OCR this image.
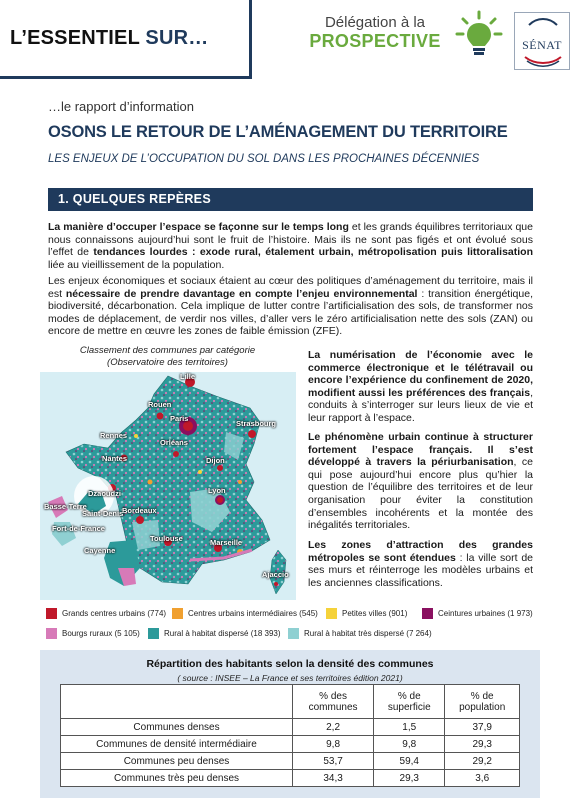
L’ESSENTIEL SUR…
Délégation à la
PROSPECTIVE	SÉNAT
…le rapport d’information
OSONS LE RETOUR DE L’AMÉNAGEMENT DU TERRITOIRE
LES ENJEUX DE L’OCCUPATION DU SOL DANS LES PROCHAINES DÉCENNIES
1. QUELQUES REPÈRES
La manière d’occuper l’espace se façonne sur le temps long et les grands équilibres territoriaux que nous connaissons aujourd’hui sont le fruit de l’histoire. Mais ils ne sont pas figés et ont évolué sous l’effet de tendances lourdes : exode rural, étalement urbain, métropolisation puis littoralisation liée au vieillissement de la population.
Les enjeux économiques et sociaux étaient au cœur des politiques d’aménagement du territoire, mais il est nécessaire de prendre davantage en compte l’enjeu environnemental : transition énergétique, biodiversité, décarbonation. Cela implique de lutter contre l’artificialisation des sols, de transformer nos modes de déplacement, de verdir nos villes, d’aller vers le zéro artificialisation nette des sols (ZAN) ou encore de mettre en œuvre les zones de faible émission (ZFE).
Classement des communes par catégorie
(Observatoire des territoires)
Lille
Rouen
Paris
Strasbourg
Rennes
Orléans
Nantes	Dijon
Lyon
Dzaoudzi
Bordeaux
Basse-Terre
Saint-Denis
Fort-de-France
Toulouse	Marseille
Cayenne
Ajaccio
La numérisation de l’économie avec le commerce électronique et le télétravail ou encore l’expérience du confinement de 2020, modifient aussi les préférences des français, conduits à s’interroger sur leurs lieux de vie et leur rapport à l’espace.
Le phénomène urbain continue à structurer fortement l’espace français. Il s’est développé à travers la périurbanisation, ce qui pose aujourd’hui encore plus qu’hier la question de l’équilibre des territoires et de leur organisation pour éviter la constitution d’ensembles incohérents et la montée des inégalités territoriales.
Les zones d’attraction des grandes métropoles se sont étendues : la ville sort de ses murs et réinterroge les modèles urbains et les anciennes classifications.
Grands centres urbains (774)	Centres urbains intermédiaires (545)	Petites villes (901)	Ceintures urbaines (1 973)
Bourgs ruraux (5 105)	Rural à habitat dispersé (18 393)	Rural à habitat très dispersé (7 264)
Répartition des habitants selon la densité des communes
( source : INSEE – La France et ses territoires édition 2021)
	% des communes	% de superficie	% de population
Communes denses	2,2	1,5	37,9
Communes de densité intermédiaire	9,8	9,8	29,3
Communes peu denses	53,7	59,4	29,2
Communes très peu denses	34,3	29,3	3,6
